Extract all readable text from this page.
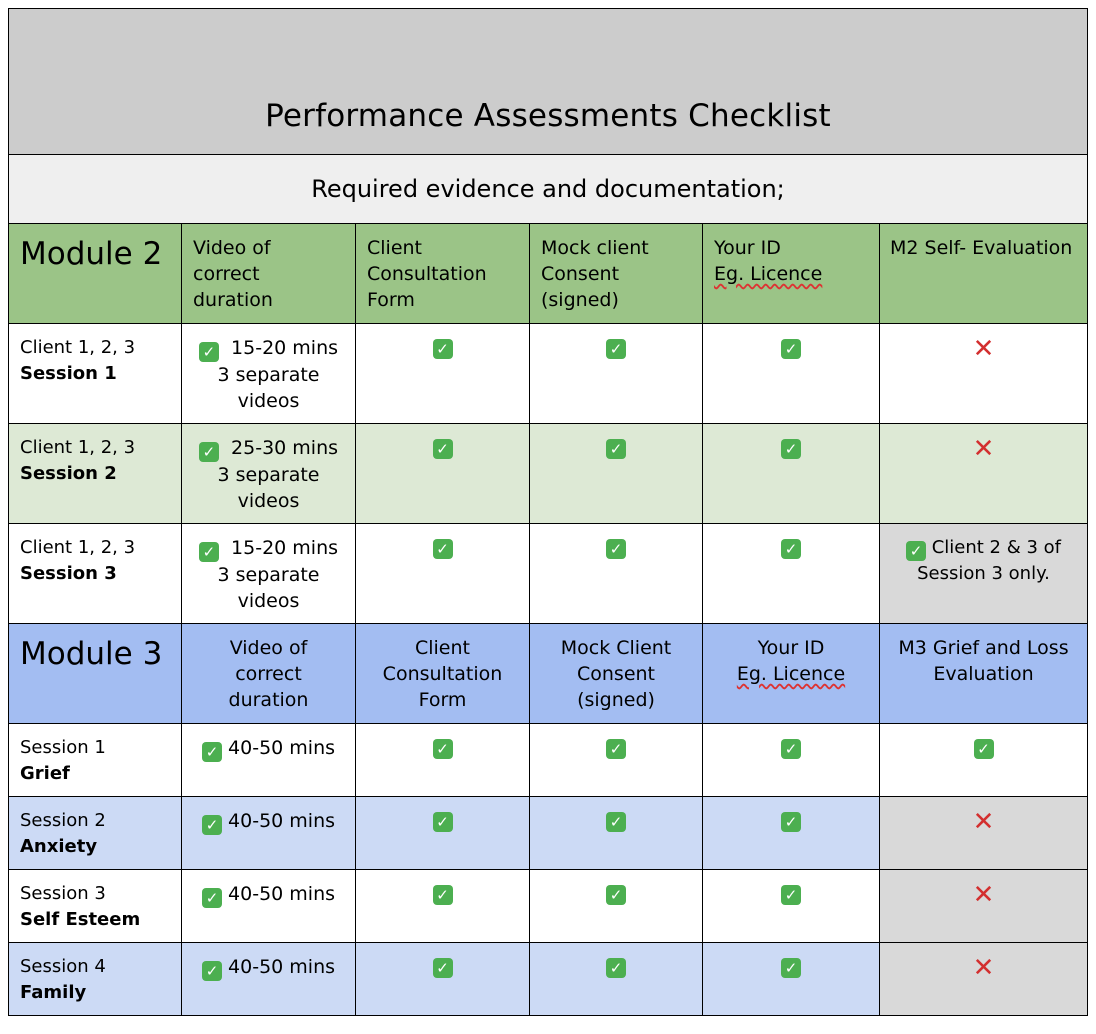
Performance Assessments Checklist					
Required evidence and documentation;					

Module 2	Video of
correct
duration	Client
Consultation
Form	Mock client
Consent
(signed)	Your ID
Eg. Licence	M2 Self- Evaluation

Client 1, 2, 3
Session 1	✓ 15-20 mins
3 separate
videos	✓	✓	✓	✕

Client 1, 2, 3
Session 2	✓ 25-30 mins
3 separate
videos	✓	✓	✓	✕

Client 1, 2, 3
Session 3	✓ 15-20 mins
3 separate
videos	✓	✓	✓	✓ Client 2 & 3 of Session 3 only.

Module 3	Video of
correct
duration	Client
Consultation
Form	Mock Client
Consent
(signed)	Your ID
Eg. Licence	M3 Grief and Loss
Evaluation

Session 1
Grief	✓ 40-50 mins	✓	✓	✓	✓

Session 2
Anxiety	✓ 40-50 mins	✓	✓	✓	✕

Session 3
Self Esteem	✓ 40-50 mins	✓	✓	✓	✕

Session 4
Family	✓ 40-50 mins	✓	✓	✓	✕
